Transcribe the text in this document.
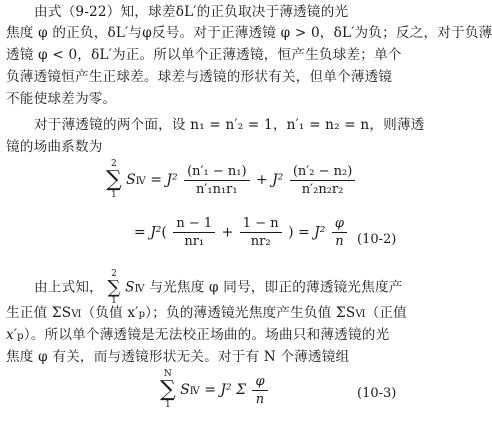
由式（9-22）知，球差δL′的正负取决于薄透镜的光
焦度 φ 的正负，δL′与φ反号。对于正薄透镜 φ > 0，δL′为负；反之，对于负薄
透镜 φ < 0，δL′为正。所以单个正薄透镜，恒产生负球差；单个
负薄透镜恒产生正球差。球差与透镜的形状有关，但单个薄透镜
不能使球差为零。
对于薄透镜的两个面，设 n₁ = n′₂ = 1，n′₁ = n₂ = n，则薄透
镜的场曲系数为
2
∑
1
SⅣ = $J^2 \frac{\text{(n′₁ − n₁)}}{\text{n′₁n₁r₁}} + J^2 \frac{\text{(n′₂ − n₂)}}{\text{n′₂n₂r₂}}$
= $J^2( \frac{n - 1}{\text{nr₁}} + \frac{1 - n}{\text{nr₂}}$ ) = $J^2 \frac{\varphi}{n} (10-2)$
由上式知，
2
∑
1
SⅣ 与光焦度 φ 同号，即正的薄透镜光焦度产
生正值 ΣSⅥ（负值 x′p）；负的薄透镜光焦度产生负值 ΣSⅥ（正值
x′p）。所以单个薄透镜是无法校正场曲的。场曲只和薄透镜的光
焦度 φ 有关，而与透镜形状无关。对于有 N 个薄透镜组
N
∑
1
SⅣ = J² Σ $\frac{\varphi}{n}$	(10-3)
